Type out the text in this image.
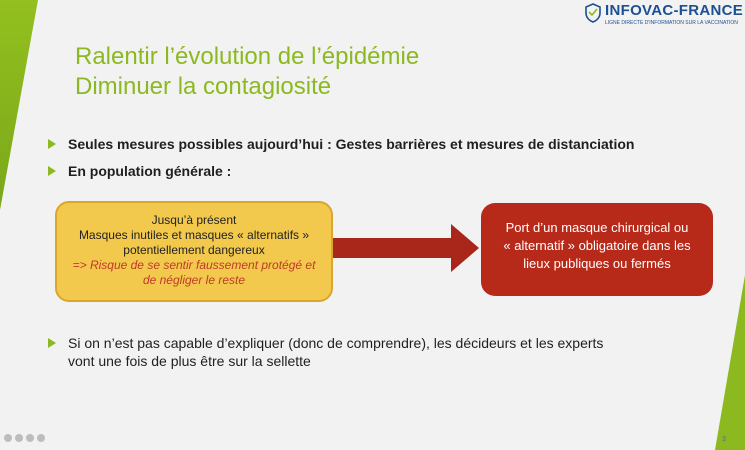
INFOVAC-FRANCE
LIGNE DIRECTE D'INFORMATION SUR LA VACCINATION
Ralentir l’évolution de l’épidémie
Diminuer la contagiosité
Seules mesures possibles aujourd’hui : Gestes barrières et mesures de distanciation
En population générale :
Jusqu’à présent
Masques inutiles et masques « alternatifs »
potentiellement dangereux
=> Risque de se sentir faussement protégé et
de négliger le reste
Port d’un masque chirurgical ou
« alternatif » obligatoire dans les
lieux publiques ou fermés
Si on n’est pas capable d’expliquer (donc de comprendre), les décideurs et les experts
vont une fois de plus être sur la sellette
3
